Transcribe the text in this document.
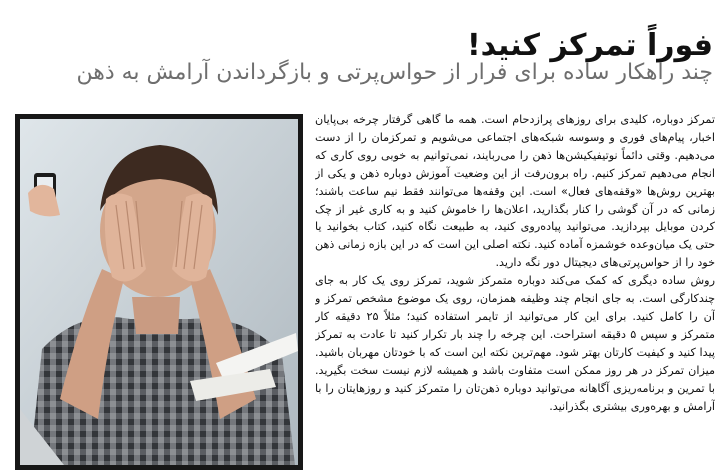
فوراً تمرکز کنید!
چند راهکار ساده برای فرار از حواس‌پرتی و بازگرداندن آرامش به ذهن

تمرکز دوباره، کلیدی برای روزهای پرازدحام است. همه ما گاهی گرفتار چرخه بی‌پایان اخبار، پیام‌های فوری و وسوسه شبکه‌های اجتماعی می‌شویم و تمرکزمان را از دست می‌دهیم. وقتی دائماً نوتیفیکیشن‌ها ذهن را می‌ربایند، نمی‌توانیم به خوبی روی کاری که انجام می‌دهیم تمرکز کنیم. راه برون‌رفت از این وضعیت آموزش دوباره ذهن و یکی از بهترین روش‌ها «وقفه‌های فعال» است. این وقفه‌ها می‌توانند فقط نیم ساعت باشند؛ زمانی که در آن گوشی را کنار بگذارید، اعلان‌ها را خاموش کنید و به کاری غیر از چک کردن موبایل بپردازید. می‌توانید پیاده‌روی کنید، به طبیعت نگاه کنید، کتاب بخوانید یا حتی یک میان‌وعده خوشمزه آماده کنید. نکته اصلی این است که در این بازه زمانی ذهن خود را از حواس‌پرتی‌های دیجیتال دور نگه دارید.

روش ساده دیگری که کمک می‌کند دوباره متمرکز شوید، تمرکز روی یک کار به جای چندکارگی است. به جای انجام چند وظیفه همزمان، روی یک موضوع مشخص تمرکز و آن را کامل کنید. برای این کار می‌توانید از تایمر استفاده کنید؛ مثلاً ۲۵ دقیقه کار متمرکز و سپس ۵ دقیقه استراحت. این چرخه را چند بار تکرار کنید تا عادت به تمرکز پیدا کنید و کیفیت کارتان بهتر شود. مهم‌ترین نکته این است که با خودتان مهربان باشید. میزان تمرکز در هر روز ممکن است متفاوت باشد و همیشه لازم نیست سخت بگیرید. با تمرین و برنامه‌ریزی آگاهانه می‌توانید دوباره ذهن‌تان را متمرکز کنید و روزهایتان را با آرامش و بهره‌وری بیشتری بگذرانید.
